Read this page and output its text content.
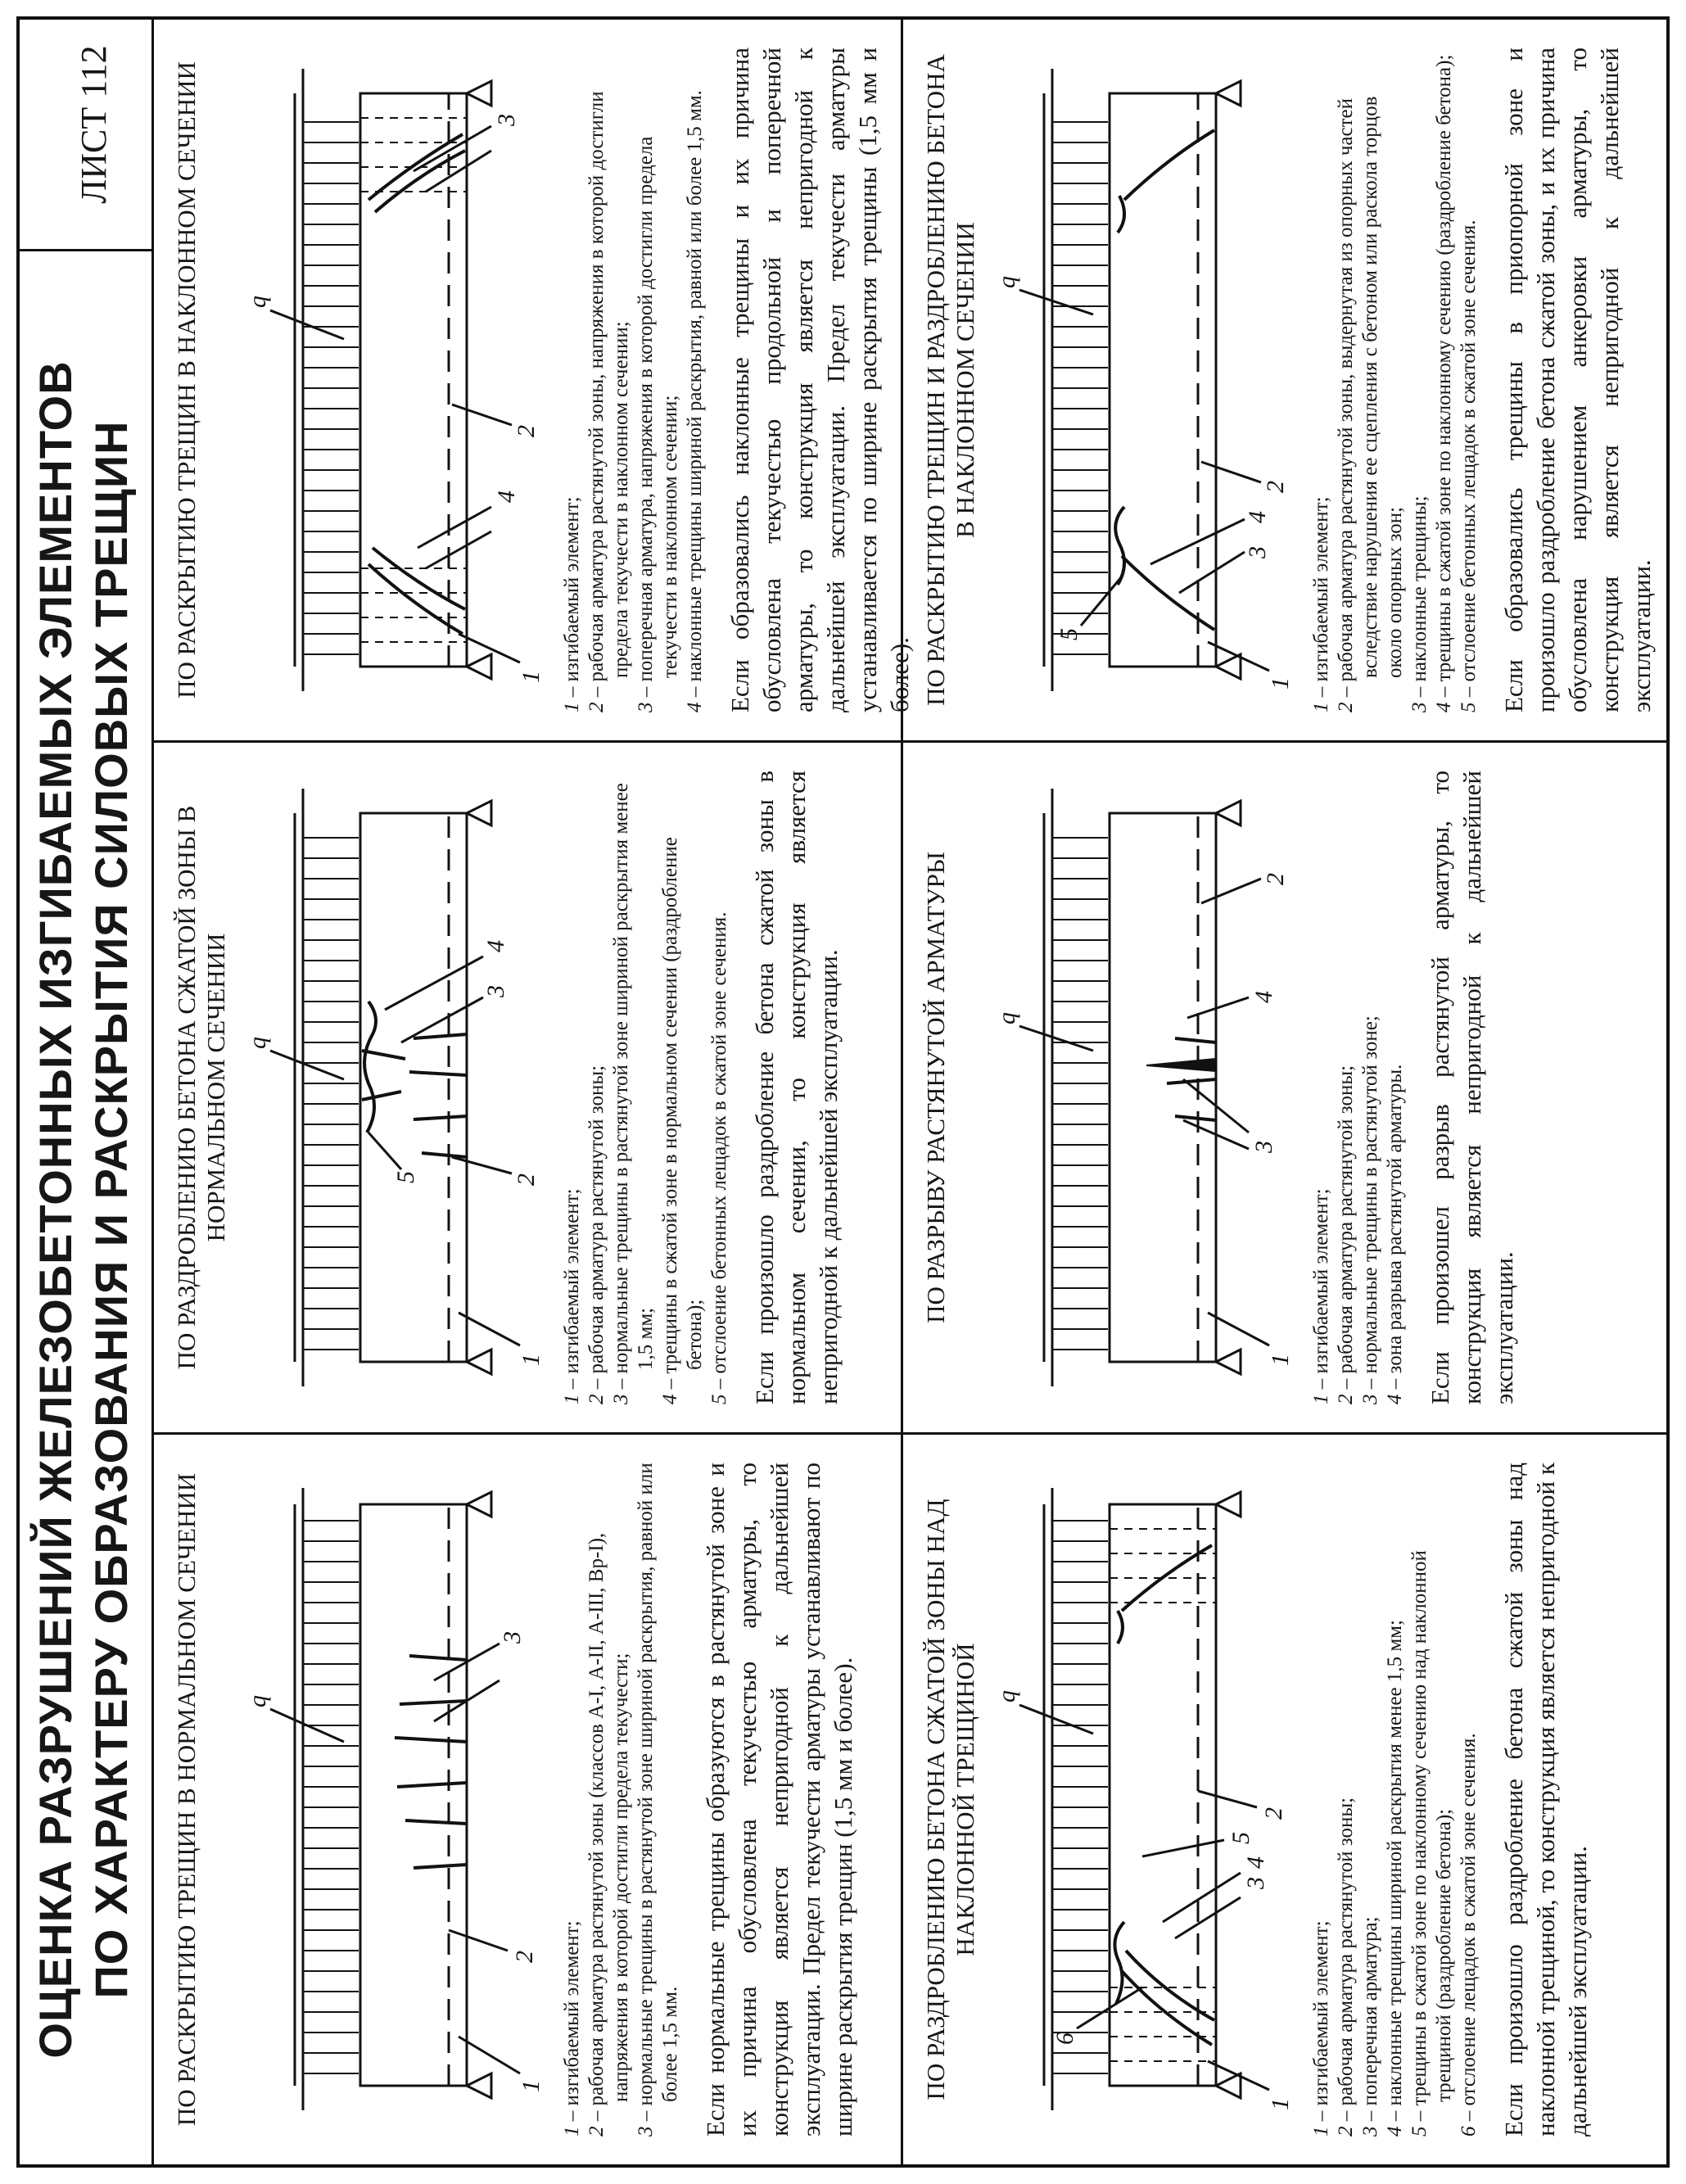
ОЦЕНКА РАЗРУШЕНИЙ ЖЕЛЕЗОБЕТОННЫХ ИЗГИБАЕМЫХ ЭЛЕМЕНТОВ ПО ХАРАКТЕРУ ОБРАЗОВАНИЯ И РАСКРЫТИЯ СИЛОВЫХ ТРЕЩИН
ЛИСТ 112
ПО РАСКРЫТИЮ ТРЕЩИН В НОРМАЛЬНОМ СЕЧЕНИИ	1
2
3
q
1 – изгибаемый элемент;
2 – рабочая арматура растянутой зоны (классов А-I, А-II, А-III, Вр-I), напряжения в которой достигли предела текучести;
3 – нормальные трещины в растянутой зоне шириной раскрытия, равной или более 1,5 мм. Если нормальные трещины образуются в растянутой зоне и их причина обусловлена текучестью арматуры, то конструкция является непригодной к дальнейшей эксплуатации. Предел текучести арматуры устанавливают по ширине раскрытия трещин (1,5 мм и более).
ПО РАЗДРОБЛЕНИЮ БЕТОНА СЖАТОЙ ЗОНЫ В НОРМАЛЬНОМ СЕЧЕНИИ
1
2
3
4
5
q
1 – изгибаемый элемент;
2 – рабочая арматура растянутой зоны;
3 – нормальные трещины в растянутой зоне шириной раскрытия менее 1,5 мм;
4 – трещины в сжатой зоне в нормальном сечении (раздробление бетона);
5 – отслоение бетонных лещадок в сжатой зоне сечения. Если произошло раздробление бетона сжатой зоны в нормальном сечении, то конструкция является непригодной к дальнейшей эксплуатации.
ПО РАСКРЫТИЮ ТРЕЩИН В НАКЛОННОМ СЕЧЕНИИ	1
2
3
4
q
1 – изгибаемый элемент;
2 – рабочая арматура растянутой зоны, напряжения в которой достигли предела текучести в наклонном сечении;
3 – поперечная арматура, напряжения в которой достигли предела текучести в наклонном сечении;
4 – наклонные трещины шириной раскрытия, равной или более 1,5 мм. Если образовались наклонные трещины и их причина обусловлена текучестью продольной и поперечной арматуры, то конструкция является непригодной к дальнейшей эксплуатации. Предел текучести арматуры устанавливается по ширине раскрытия трещины (1,5 мм и более).
ПО РАЗДРОБЛЕНИЮ БЕТОНА СЖАТОЙ ЗОНЫ НАД НАКЛОННОЙ ТРЕЩИНОЙ
1
2
3
4
5
6
q
1 – изгибаемый элемент;
2 – рабочая арматура растянутой зоны;
3 – поперечная арматура;
4 – наклонные трещины шириной раскрытия менее 1,5 мм;
5 – трещины в сжатой зоне по наклонному сечению над наклонной трещиной (раздробление бетона);
6 – отслоение лещадок в сжатой зоне сечения. Если произошло раздробление бетона сжатой зоны над наклонной трещиной, то конструкция является непригодной к дальнейшей эксплуатации.
ПО РАЗРЫВУ РАСТЯНУТОЙ АРМАТУРЫ
1
2
3
4
q
1 – изгибаемый элемент;
2 – рабочая арматура растянутой зоны;
3 – нормальные трещины в растянутой зоне;
4 – зона разрыва растянутой арматуры. Если произошел разрыв растянутой арматуры, то конструкция является непригодной к дальнейшей эксплуатации.
ПО РАСКРЫТИЮ ТРЕЩИН И РАЗДРОБЛЕНИЮ БЕТОНА В НАКЛОННОМ СЕЧЕНИИ
1
2
3
4
5
q
1 – изгибаемый элемент;
2 – рабочая арматура растянутой зоны, выдернутая из опорных частей вследствие нарушения ее сцепления с бетоном или раскола торцов около опорных зон;
3 – наклонные трещины;
4 – трещины в сжатой зоне по наклонному сечению (раздробление бетона);
5 – отслоение бетонных лещадок в сжатой зоне сечения. Если образовались трещины в приопорной зоне и произошло раздробление бетона сжатой зоны, и их причина обусловлена нарушением анкеровки арматуры, то конструкция является непригодной к дальнейшей эксплуатации.
